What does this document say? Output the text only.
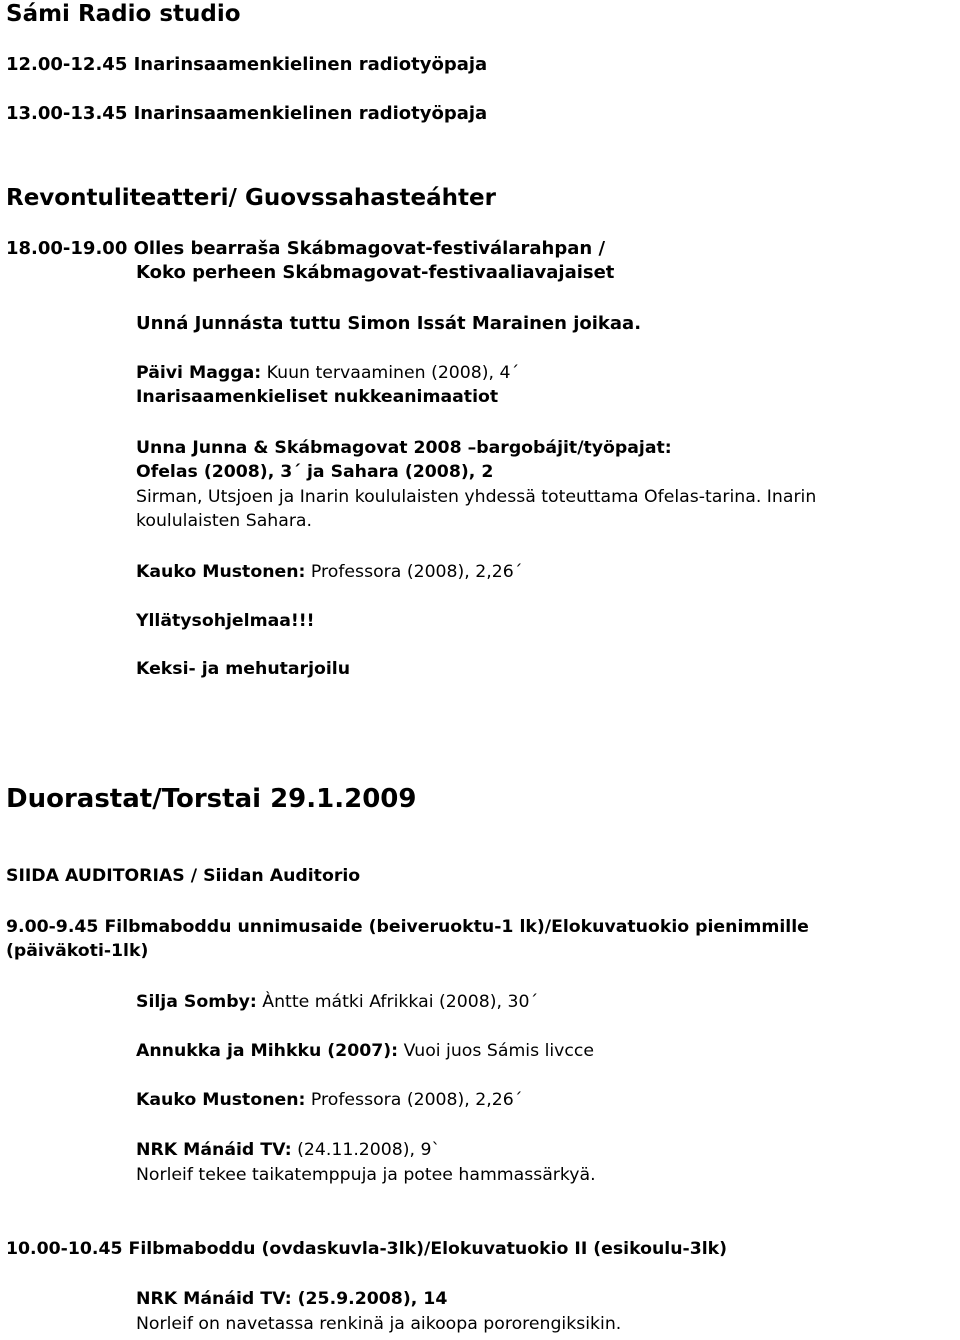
Sámi Radio studio
12.00-12.45 Inarinsaamenkielinen radiotyöpaja
13.00-13.45 Inarinsaamenkielinen radiotyöpaja
Revontuliteatteri/ Guovssahasteáhter
18.00-19.00 Olles bearraša Skábmagovat-festiválarahpan /
Koko perheen Skábmagovat-festivaaliavajaiset
Unná Junnásta tuttu Simon Issát Marainen joikaa.
Päivi Magga: Kuun tervaaminen (2008), 4´
Inarisaamenkieliset nukkeanimaatiot
Unna Junna & Skábmagovat 2008 –bargobájit/työpajat:
Ofelas (2008), 3´ ja Sahara (2008), 2
Sirman, Utsjoen ja Inarin koululaisten yhdessä toteuttama Ofelas-tarina. Inarin
koululaisten Sahara.
Kauko Mustonen: Professora (2008), 2,26´
Yllätysohjelmaa!!!
Keksi- ja mehutarjoilu
Duorastat/Torstai 29.1.2009
SIIDA AUDITORIAS / Siidan Auditorio
9.00-9.45 Filbmaboddu unnimusaide (beiveruoktu-1 lk)/Elokuvatuokio pienimmille
(päiväkoti-1lk)
Silja Somby: Àntte mátki Afrikkai (2008), 30´
Annukka ja Mihkku (2007): Vuoi juos Sámis livcce
Kauko Mustonen: Professora (2008), 2,26´
NRK Mánáid TV: (24.11.2008), 9`
Norleif tekee taikatemppuja ja potee hammassärkyä.
10.00-10.45 Filbmaboddu (ovdaskuvla-3lk)/Elokuvatuokio II (esikoulu-3lk)
NRK Mánáid TV: (25.9.2008), 14
Norleif on navetassa renkinä ja aikoopa pororengiksikin.
